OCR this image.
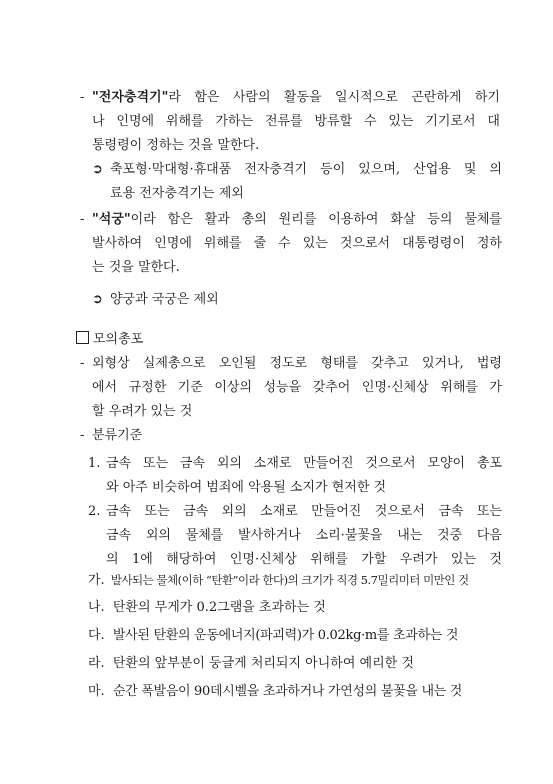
- "전자충격기"라 함은 사람의 활동을 일시적으로 곤란하게 하기
나 인명에 위해를 가하는 전류를 방류할 수 있는 기기로서 대
통령령이 정하는 것을 말한다.
➲ 축포형·막대형·휴대품 전자충격기 등이 있으며, 산업용 및 의
료용 전자충격기는 제외
- "석궁"이라 함은 활과 총의 원리를 이용하여 화살 등의 물체를
발사하여 인명에 위해를 줄 수 있는 것으로서 대통령령이 정하
는 것을 말한다.
➲ 양궁과 국궁은 제외
모의총포
- 외형상 실제총으로 오인될 정도로 형태를 갖추고 있거나, 법령
에서 규정한 기준 이상의 성능을 갖추어 인명·신체상 위해를 가
할 우려가 있는 것
- 분류기준
1. 금속 또는 금속 외의 소재로 만들어진 것으로서 모양이 총포
와 아주 비슷하여 범죄에 악용될 소지가 현저한 것
2. 금속 또는 금속 외의 소재로 만들어진 것으로서 금속 또는
금속 외의 물체를 발사하거나 소리·불꽃을 내는 것중 다음
의 1에 해당하여 인명·신체상 위해를 가할 우려가 있는 것
가. 발사되는 물체(이하 “탄환”이라 한다)의 크기가 직경 5.7밀리미터 미만인 것
나. 탄환의 무게가 0.2그램을 초과하는 것
다. 발사된 탄환의 운동에너지(파괴력)가 0.02kg·m를 초과하는 것
라. 탄환의 앞부분이 둥글게 처리되지 아니하여 예리한 것
마. 순간 폭발음이 90데시벨을 초과하거나 가연성의 불꽃을 내는 것
